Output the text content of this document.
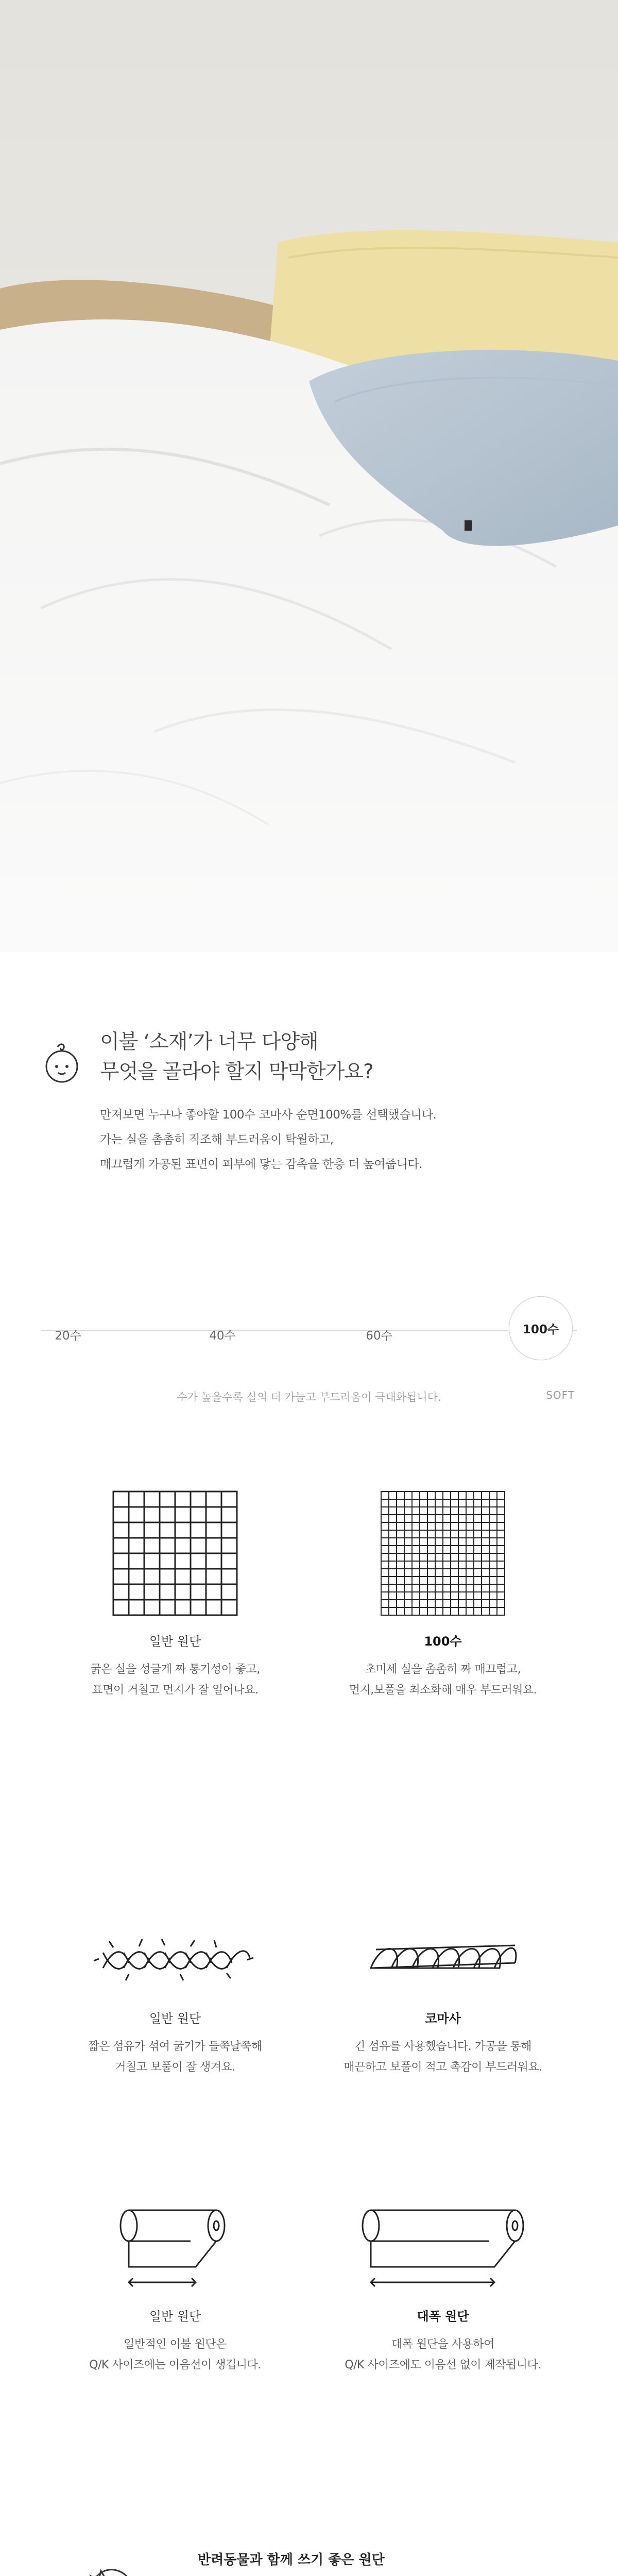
이불 ‘소재’가 너무 다양해
무엇을 골라야 할지 막막한가요?
만져보면 누구나 좋아할 100수 코마사 순면100%를 선택했습니다.
가는 실을 촘촘히 직조해 부드러움이 탁월하고,
매끄럽게 가공된 표면이 피부에 닿는 감촉을 한층 더 높여줍니다.
20수	40수	60수	100수
수가 높을수록 실의 더 가늘고 부드러움이 극대화됩니다.	SOFT
일반 원단
굵은 실을 성글게 짜 통기성이 좋고,
표면이 거칠고 먼지가 잘 일어나요.
100수
초미세 실을 촘촘히 짜 매끄럽고,
먼지,보풀을 최소화해 매우 부드러워요.
일반 원단
짧은 섬유가 섞여 굵기가 들쭉날쭉해
거칠고 보풀이 잘 생겨요.
코마사
긴 섬유를 사용했습니다. 가공을 통해
매끈하고 보풀이 적고 촉감이 부드러워요.
일반 원단
일반적인 이불 원단은
Q/K 사이즈에는 이음선이 생깁니다.
대폭 원단
대폭 원단을 사용하여
Q/K 사이즈에도 이음선 없이 제작됩니다.
반려동물과 함께 쓰기 좋은 원단
